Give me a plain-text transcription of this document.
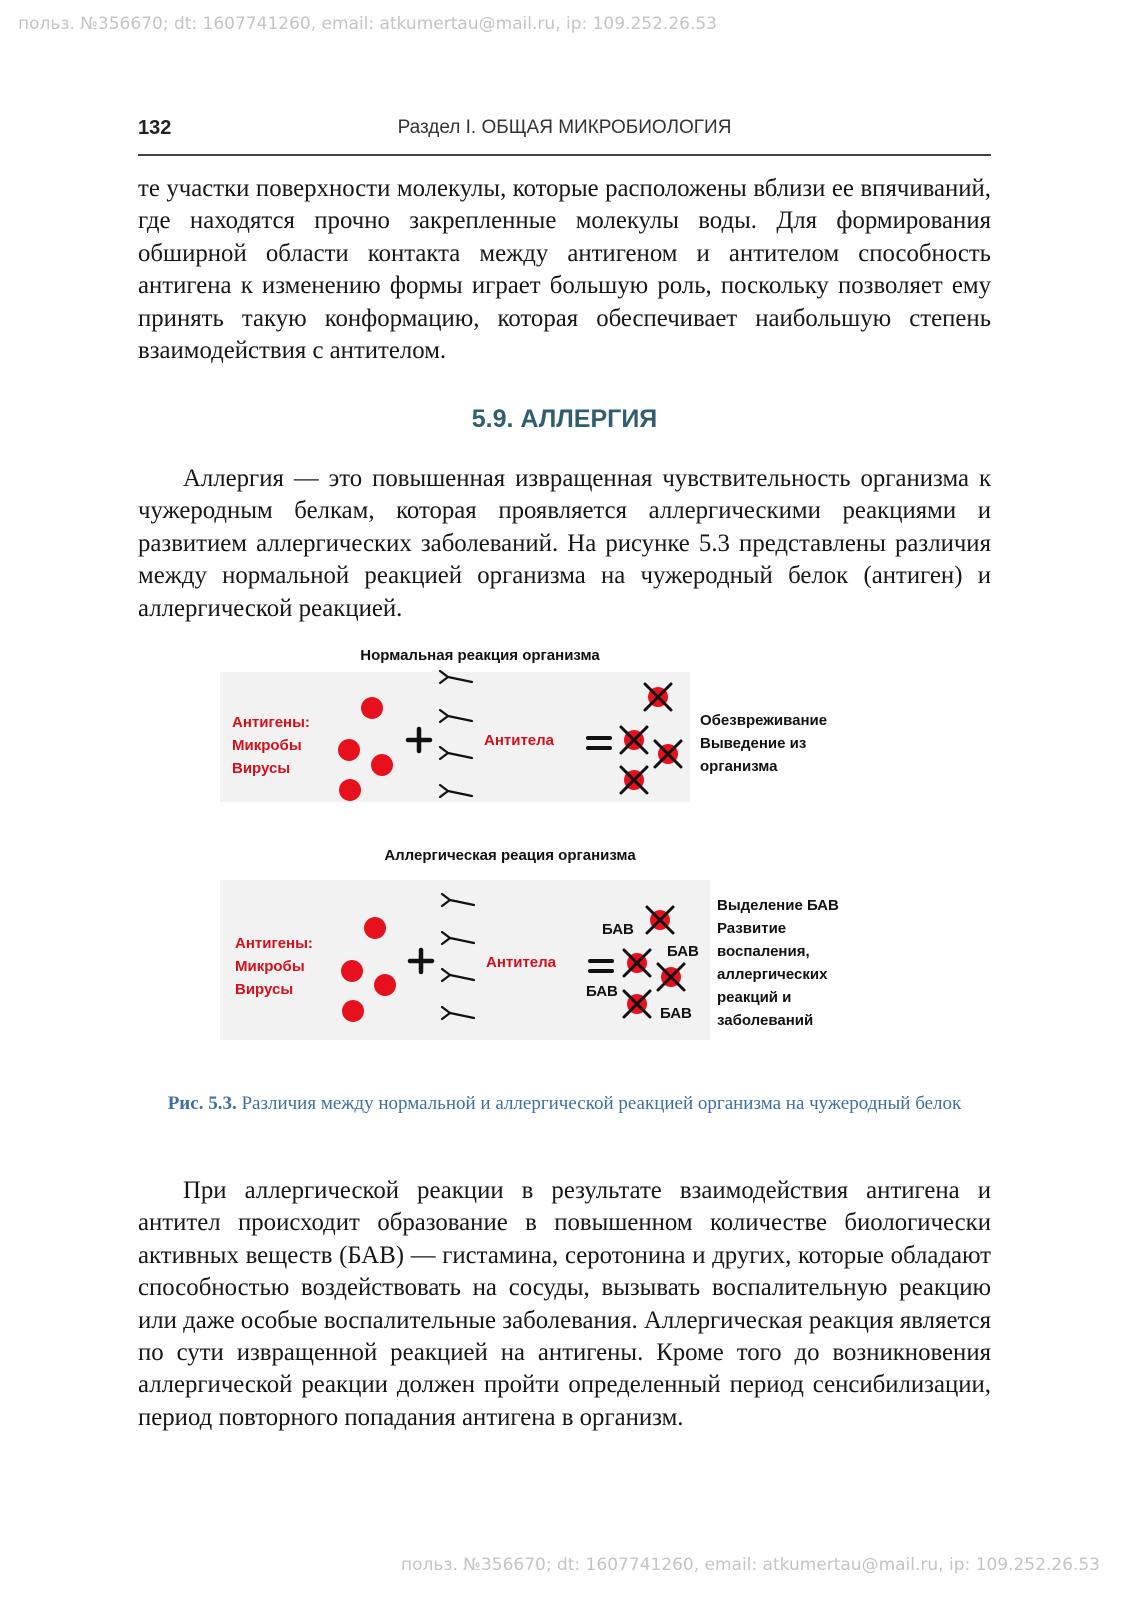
польз. №356670; dt: 1607741260, email: atkumertau@mail.ru, ip: 109.252.26.53
132	Раздел I. ОБЩАЯ МИКРОБИОЛОГИЯ

те участки поверхности молекулы, которые расположены вблизи ее впячиваний, где находятся прочно закрепленные молекулы воды. Для формирования обширной области контакта между антигеном и антителом способность антигена к изменению формы играет большую роль, поскольку позволяет ему принять такую конформацию, которая обеспечивает наибольшую степень взаимодействия с антителом.

5.9. АЛЛЕРГИЯ

Аллергия — это повышенная извращенная чувствительность организма к чужеродным белкам, которая проявляется аллергическими реакциями и развитием аллергических заболеваний. На рисунке 5.3 представлены различия между нормальной реакцией организма на чужеродный белок (антиген) и аллергической реакцией.

Нормальная реакция организма
Антигены:
Микробы
Вирусы
Антитела
Обезвреживание
Выведение из
организма
Аллергическая реация организма
Антигены:
Микробы
Вирусы
Антитела
БАВ
БАВ
БАВ
БАВ
Выделение БАВ
Развитие
воспаления,
аллергических
реакций и
заболеваний

Рис. 5.3. Различия между нормальной и аллергической реакцией организма на чужеродный белок

При аллергической реакции в результате взаимодействия антигена и антител происходит образование в повышенном количестве биологически активных веществ (БАВ) — гистамина, серотонина и других, которые обладают способностью воздействовать на сосуды, вызывать воспалительную реакцию или даже особые воспалительные заболевания. Аллергическая реакция является по сути извращенной реакцией на антигены. Кроме того до возникновения аллергической реакции должен пройти определенный период сенсибилизации, период повторного попадания антигена в организм.

польз. №356670; dt: 1607741260, email: atkumertau@mail.ru, ip: 109.252.26.53
